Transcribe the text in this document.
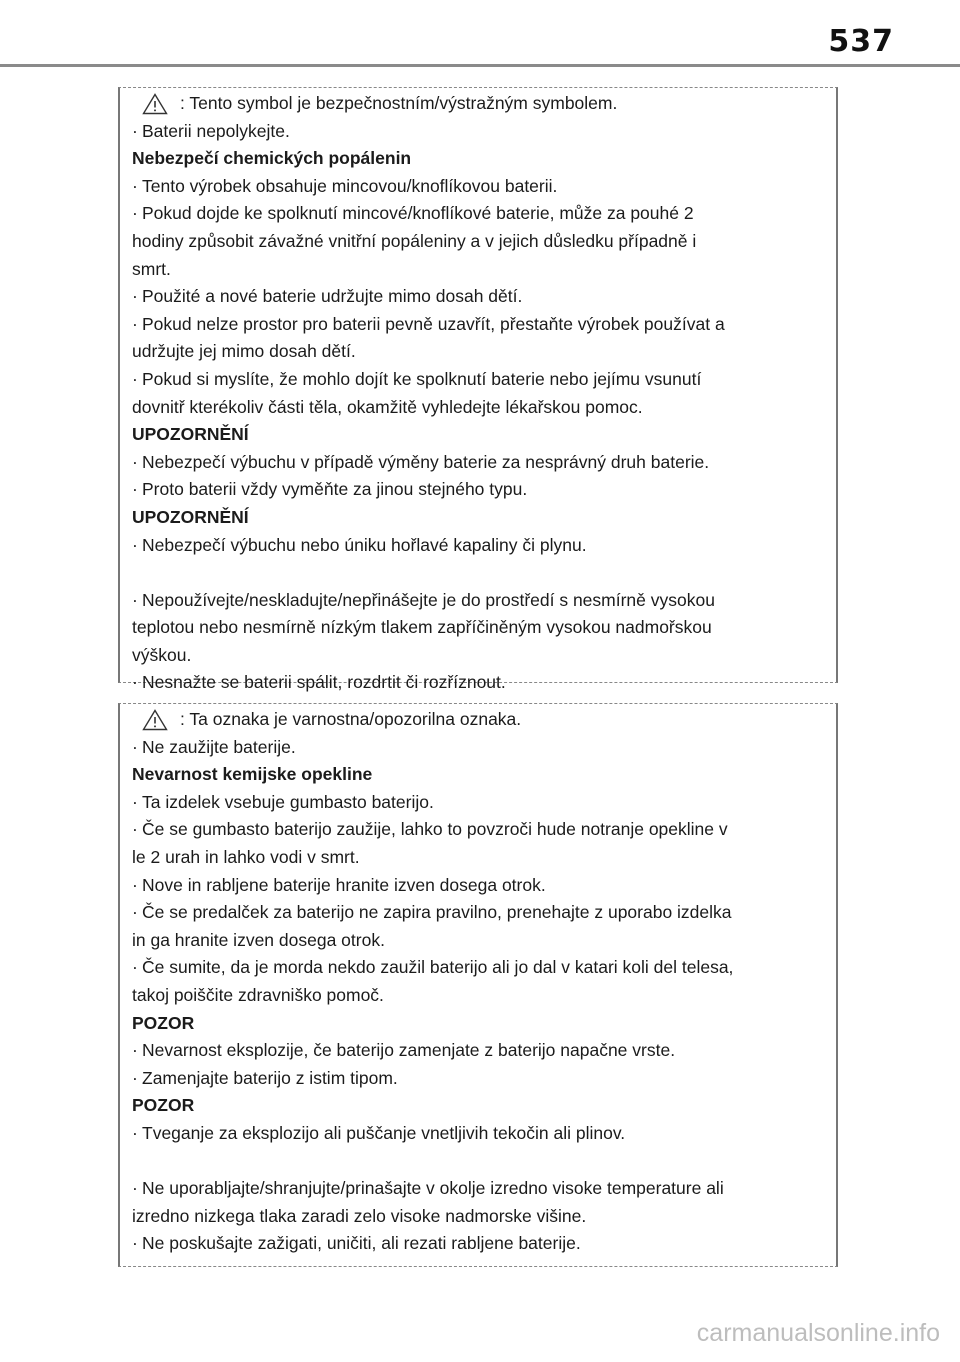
537
: Tento symbol je bezpečnostním/výstražným symbolem.
· Baterii nepolykejte.
Nebezpečí chemických popálenin
· Tento výrobek obsahuje mincovou/knoflíkovou baterii.
· Pokud dojde ke spolknutí mincové/knoflíkové baterie, může za pouhé 2
hodiny způsobit závažné vnitřní popáleniny a v jejich důsledku případně i
smrt.
· Použité a nové baterie udržujte mimo dosah dětí.
· Pokud nelze prostor pro baterii pevně uzavřít, přestaňte výrobek používat a
udržujte jej mimo dosah dětí.
· Pokud si myslíte, že mohlo dojít ke spolknutí baterie nebo jejímu vsunutí
dovnitř kterékoliv části těla, okamžitě vyhledejte lékařskou pomoc.
UPOZORNĚNÍ
· Nebezpečí výbuchu v případě výměny baterie za nesprávný druh baterie.
· Proto baterii vždy vyměňte za jinou stejného typu.
UPOZORNĚNÍ
· Nebezpečí výbuchu nebo úniku hořlavé kapaliny či plynu.
· Nepoužívejte/neskladujte/nepřinášejte je do prostředí s nesmírně vysokou
teplotou nebo nesmírně nízkým tlakem zapříčiněným vysokou nadmořskou
výškou.
· Nesnažte se baterii spálit, rozdrtit či rozříznout.
: Ta oznaka je varnostna/opozorilna oznaka.
· Ne zaužijte baterije.
Nevarnost kemijske opekline
· Ta izdelek vsebuje gumbasto baterijo.
· Če se gumbasto baterijo zaužije, lahko to povzroči hude notranje opekline v
le 2 urah in lahko vodi v smrt.
· Nove in rabljene baterije hranite izven dosega otrok.
· Če se predalček za baterijo ne zapira pravilno, prenehajte z uporabo izdelka
in ga hranite izven dosega otrok.
· Če sumite, da je morda nekdo zaužil baterijo ali jo dal v katari koli del telesa,
takoj poiščite zdravniško pomoč.
POZOR
· Nevarnost eksplozije, če baterijo zamenjate z baterijo napačne vrste.
· Zamenjajte baterijo z istim tipom.
POZOR
· Tveganje za eksplozijo ali puščanje vnetljivih tekočin ali plinov.
· Ne uporabljajte/shranjujte/prinašajte v okolje izredno visoke temperature ali
izredno nizkega tlaka zaradi zelo visoke nadmorske višine.
· Ne poskušajte zažigati, uničiti, ali rezati rabljene baterije.
carmanualsonline.info
